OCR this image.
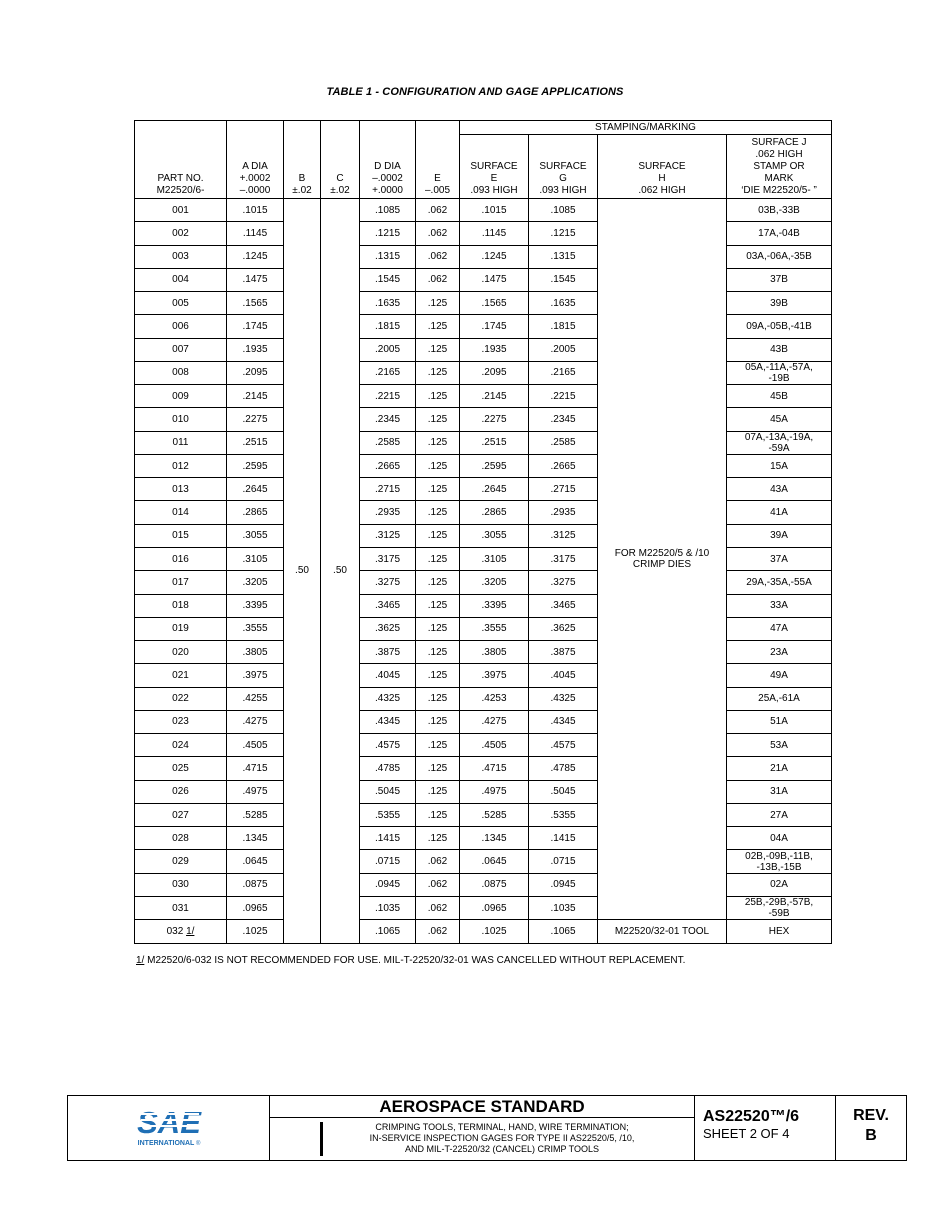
TABLE 1 - CONFIGURATION AND GAGE APPLICATIONS
						STAMPING/MARKING			
PART NO.
M22520/6-	A DIA
+.0002
–.0000	B
±.02	C
±.02	D DIA
–.0002
+.0000	E
–.005	SURFACE
E
.093 HIGH	SURFACE
G
.093 HIGH	SURFACE
H
.062 HIGH	SURFACE J
.062 HIGH
STAMP OR
MARK
‘DIE M22520/5- ”
001	.1015	.50	.50	.1085	.062	.1015	.1085	FOR M22520/5 & /10
CRIMP DIES	03B,-33B
002	.1145			.1215	.062	.1145	.1215		17A,-04B
003	.1245			.1315	.062	.1245	.1315		03A,-06A,-35B
004	.1475			.1545	.062	.1475	.1545		37B
005	.1565			.1635	.125	.1565	.1635		39B
006	.1745			.1815	.125	.1745	.1815		09A,-05B,-41B
007	.1935			.2005	.125	.1935	.2005		43B
008	.2095			.2165	.125	.2095	.2165		05A,-11A,-57A,
-19B
009	.2145			.2215	.125	.2145	.2215		45B
010	.2275			.2345	.125	.2275	.2345		45A
011	.2515			.2585	.125	.2515	.2585		07A,-13A,-19A,
-59A
012	.2595			.2665	.125	.2595	.2665		15A
013	.2645			.2715	.125	.2645	.2715		43A
014	.2865			.2935	.125	.2865	.2935		41A
015	.3055			.3125	.125	.3055	.3125		39A
016	.3105			.3175	.125	.3105	.3175		37A
017	.3205			.3275	.125	.3205	.3275		29A,-35A,-55A
018	.3395			.3465	.125	.3395	.3465		33A
019	.3555			.3625	.125	.3555	.3625		47A
020	.3805			.3875	.125	.3805	.3875		23A
021	.3975			.4045	.125	.3975	.4045		49A
022	.4255			.4325	.125	.4253	.4325		25A,-61A
023	.4275			.4345	.125	.4275	.4345		51A
024	.4505			.4575	.125	.4505	.4575		53A
025	.4715			.4785	.125	.4715	.4785		21A
026	.4975			.5045	.125	.4975	.5045		31A
027	.5285			.5355	.125	.5285	.5355		27A
028	.1345			.1415	.125	.1345	.1415		04A
029	.0645			.0715	.062	.0645	.0715		02B,-09B,-11B,
-13B,-15B
030	.0875			.0945	.062	.0875	.0945		02A
031	.0965			.1035	.062	.0965	.1035		25B,-29B,-57B,
-59B
032 1/	.1025			.1065	.062	.1025	.1065	M22520/32-01 TOOL	HEX
1/ M22520/6-032 IS NOT RECOMMENDED FOR USE. MIL-T-22520/32-01 WAS CANCELLED WITHOUT REPLACEMENT.
SAE
INTERNATIONAL ®

AEROSPACE STANDARD
CRIMPING TOOLS, TERMINAL, HAND, WIRE TERMINATION;
IN-SERVICE INSPECTION GAGES FOR TYPE II AS22520/5, /10,
AND MIL-T-22520/32 (CANCEL) CRIMP TOOLS

AS22520™/6
SHEET 2 OF 4

REV.
B
